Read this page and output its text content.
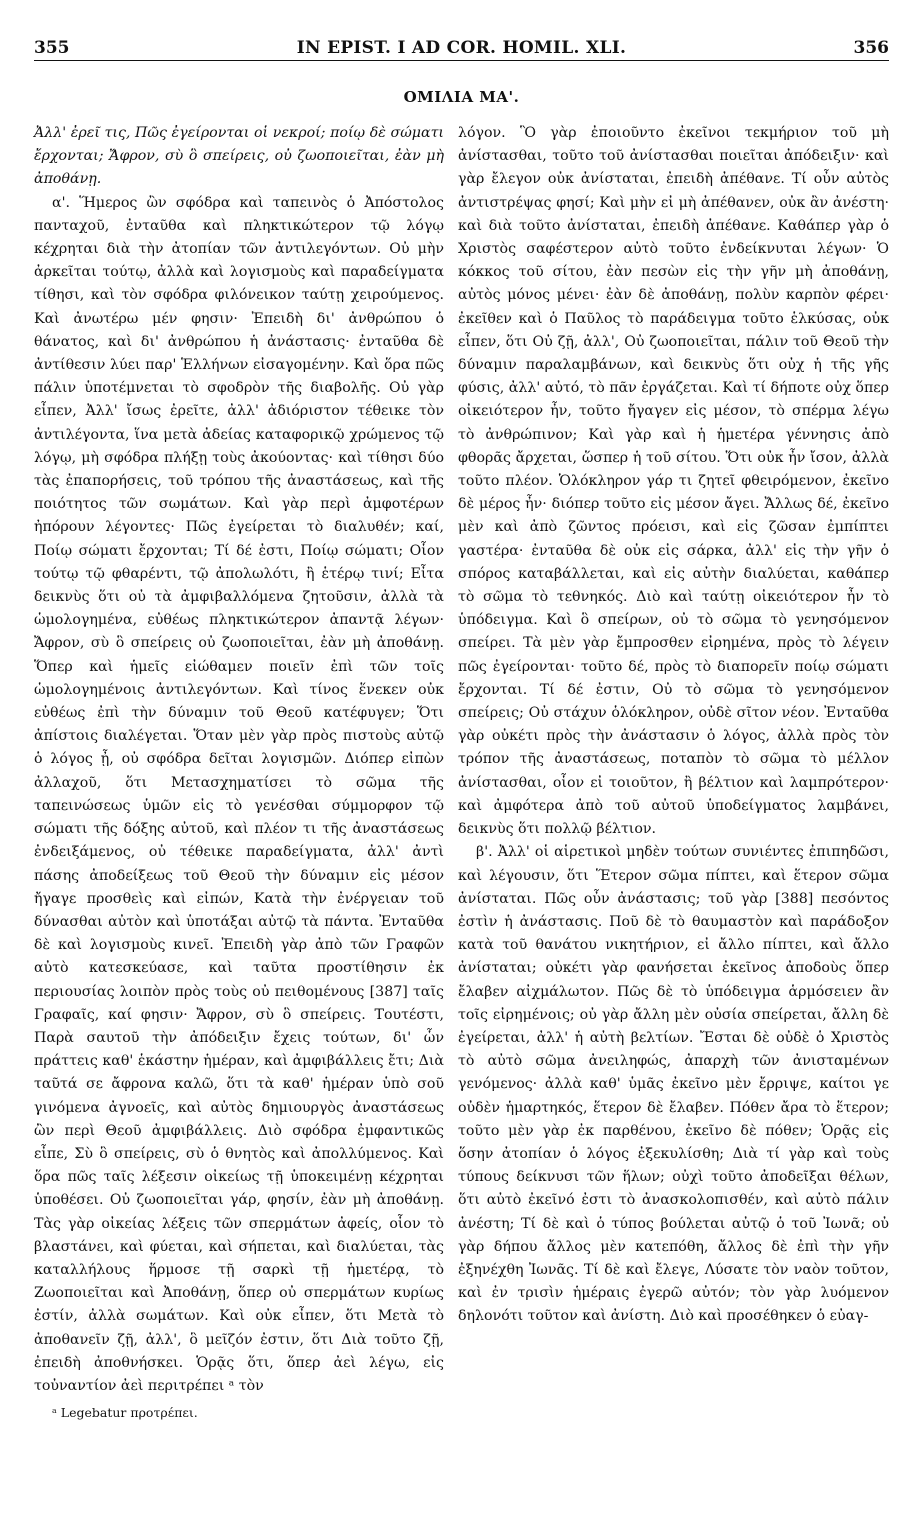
355	IN EPIST. I AD COR. HOMIL. XLI.	356
ΟΜΙΛΙΑ ΜΑ'.

Ἀλλ' ἐρεῖ τις, Πῶς ἐγείρονται οἱ νεκροί; ποίῳ δὲ σώματι ἔρχονται; Ἄφρον, σὺ ὃ σπείρεις, οὐ ζωοποιεῖται, ἐὰν μὴ ἀποθάνῃ.

α'. Ἥμερος ὢν σφόδρα καὶ ταπεινὸς ὁ Ἀπόστολος πανταχοῦ, ἐνταῦθα καὶ πληκτικώτερον τῷ λόγῳ κέχρηται διὰ τὴν ἀτοπίαν τῶν ἀντιλεγόντων. Οὐ μὴν ἀρκεῖται τούτῳ, ἀλλὰ καὶ λογισμοὺς καὶ παραδείγματα τίθησι, καὶ τὸν σφόδρα φιλόνεικον ταύτῃ χειρούμενος. Καὶ ἀνωτέρω μέν φησιν· Ἐπειδὴ δι' ἀνθρώπου ὁ θάνατος, καὶ δι' ἀνθρώπου ἡ ἀνάστασις· ἐνταῦθα δὲ ἀντίθεσιν λύει παρ' Ἑλλήνων εἰσαγομένην. Καὶ ὅρα πῶς πάλιν ὑποτέμνεται τὸ σφοδρὸν τῆς διαβολῆς. Οὐ γὰρ εἶπεν, Ἀλλ' ἴσως ἐρεῖτε, ἀλλ' ἀδιόριστον τέθεικε τὸν ἀντιλέγοντα, ἵνα μετὰ ἀδείας καταφορικῷ χρώμενος τῷ λόγῳ, μὴ σφόδρα πλήξῃ τοὺς ἀκούοντας· καὶ τίθησι δύο τὰς ἐπαπορήσεις, τοῦ τρόπου τῆς ἀναστάσεως, καὶ τῆς ποιότητος τῶν σωμάτων. Καὶ γὰρ περὶ ἀμφοτέρων ἠπόρουν λέγοντες· Πῶς ἐγείρεται τὸ διαλυθέν; καί, Ποίῳ σώματι ἔρχονται; Τί δέ ἐστι, Ποίῳ σώματι; Οἷον τούτῳ τῷ φθαρέντι, τῷ ἀπολωλότι, ἢ ἑτέρῳ τινί; Εἶτα δεικνὺς ὅτι οὐ τὰ ἀμφιβαλλόμενα ζητοῦσιν, ἀλλὰ τὰ ὡμολογημένα, εὐθέως πληκτικώτερον ἀπαντᾷ λέγων· Ἄφρον, σὺ ὃ σπείρεις οὐ ζωοποιεῖται, ἐὰν μὴ ἀποθάνῃ. Ὅπερ καὶ ἡμεῖς εἰώθαμεν ποιεῖν ἐπὶ τῶν τοῖς ὡμολογημένοις ἀντιλεγόντων. Καὶ τίνος ἕνεκεν οὐκ εὐθέως ἐπὶ τὴν δύναμιν τοῦ Θεοῦ κατέφυγεν; Ὅτι ἀπίστοις διαλέγεται. Ὅταν μὲν γὰρ πρὸς πιστοὺς αὐτῷ ὁ λόγος ᾖ, οὐ σφόδρα δεῖται λογισμῶν. Διόπερ εἰπὼν ἀλλαχοῦ, ὅτι Μετασχηματίσει τὸ σῶμα τῆς ταπεινώσεως ὑμῶν εἰς τὸ γενέσθαι σύμμορφον τῷ σώματι τῆς δόξης αὐτοῦ, καὶ πλέον τι τῆς ἀναστάσεως ἐνδειξάμενος, οὐ τέθεικε παραδείγματα, ἀλλ' ἀντὶ πάσης ἀποδείξεως τοῦ Θεοῦ τὴν δύναμιν εἰς μέσον ἤγαγε προσθεὶς καὶ εἰπών, Κατὰ τὴν ἐνέργειαν τοῦ δύνασθαι αὐτὸν καὶ ὑποτάξαι αὐτῷ τὰ πάντα. Ἐνταῦθα δὲ καὶ λογισμοὺς κινεῖ. Ἐπειδὴ γὰρ ἀπὸ τῶν Γραφῶν αὐτὸ κατεσκεύασε, καὶ ταῦτα προστίθησιν ἐκ περιουσίας λοιπὸν πρὸς τοὺς οὐ πειθομένους [387] ταῖς Γραφαῖς, καί φησιν· Ἄφρον, σὺ ὃ σπείρεις. Τουτέστι, Παρὰ σαυτοῦ τὴν ἀπόδειξιν ἔχεις τούτων, δι' ὧν πράττεις καθ' ἑκάστην ἡμέραν, καὶ ἀμφιβάλλεις ἔτι; Διὰ ταῦτά σε ἄφρονα καλῶ, ὅτι τὰ καθ' ἡμέραν ὑπὸ σοῦ γινόμενα ἀγνοεῖς, καὶ αὐτὸς δημιουργὸς ἀναστάσεως ὢν περὶ Θεοῦ ἀμφιβάλλεις. Διὸ σφόδρα ἐμφαντικῶς εἶπε, Σὺ ὃ σπείρεις, σὺ ὁ θνητὸς καὶ ἀπολλύμενος. Καὶ ὅρα πῶς ταῖς λέξεσιν οἰκείως τῇ ὑποκειμένῃ κέχρηται ὑποθέσει. Οὐ ζωοποιεῖται γάρ, φησίν, ἐὰν μὴ ἀποθάνῃ. Τὰς γὰρ οἰκείας λέξεις τῶν σπερμάτων ἀφείς, οἷον τὸ βλαστάνει, καὶ φύεται, καὶ σήπεται, καὶ διαλύεται, τὰς καταλλήλους ἥρμοσε τῇ σαρκὶ τῇ ἡμετέρᾳ, τὸ Ζωοποιεῖται καὶ Ἀποθάνῃ, ὅπερ οὐ σπερμάτων κυρίως ἐστίν, ἀλλὰ σωμάτων. Καὶ οὐκ εἶπεν, ὅτι Μετὰ τὸ ἀποθανεῖν ζῇ, ἀλλ', ὃ μεῖζόν ἐστιν, ὅτι Διὰ τοῦτο ζῇ, ἐπειδὴ ἀποθνήσκει. Ὁρᾷς ὅτι, ὅπερ ἀεὶ λέγω, εἰς τοὐναντίον ἀεὶ περιτρέπει ᵃ τὸν

ᵃ Legebatur προτρέπει.

λόγον. Ὃ γὰρ ἐποιοῦντο ἐκεῖνοι τεκμήριον τοῦ μὴ ἀνίστασθαι, τοῦτο τοῦ ἀνίστασθαι ποιεῖται ἀπόδειξιν· καὶ γὰρ ἔλεγον οὐκ ἀνίσταται, ἐπειδὴ ἀπέθανε. Τί οὖν αὐτὸς ἀντιστρέψας φησί; Καὶ μὴν εἰ μὴ ἀπέθανεν, οὐκ ἂν ἀνέστη· καὶ διὰ τοῦτο ἀνίσταται, ἐπειδὴ ἀπέθανε. Καθάπερ γὰρ ὁ Χριστὸς σαφέστερον αὐτὸ τοῦτο ἐνδείκνυται λέγων· Ὁ κόκκος τοῦ σίτου, ἐὰν πεσὼν εἰς τὴν γῆν μὴ ἀποθάνῃ, αὐτὸς μόνος μένει· ἐὰν δὲ ἀποθάνῃ, πολὺν καρπὸν φέρει· ἐκεῖθεν καὶ ὁ Παῦλος τὸ παράδειγμα τοῦτο ἑλκύσας, οὐκ εἶπεν, ὅτι Οὐ ζῇ, ἀλλ', Οὐ ζωοποιεῖται, πάλιν τοῦ Θεοῦ τὴν δύναμιν παραλαμβάνων, καὶ δεικνὺς ὅτι οὐχ ἡ τῆς γῆς φύσις, ἀλλ' αὐτό, τὸ πᾶν ἐργάζεται. Καὶ τί δήποτε οὐχ ὅπερ οἰκειότερον ἦν, τοῦτο ἤγαγεν εἰς μέσον, τὸ σπέρμα λέγω τὸ ἀνθρώπινον; Καὶ γὰρ καὶ ἡ ἡμετέρα γέννησις ἀπὸ φθορᾶς ἄρχεται, ὥσπερ ἡ τοῦ σίτου. Ὅτι οὐκ ἦν ἴσον, ἀλλὰ τοῦτο πλέον. Ὁλόκληρον γάρ τι ζητεῖ φθειρόμενον, ἐκεῖνο δὲ μέρος ἦν· διόπερ τοῦτο εἰς μέσον ἄγει. Ἄλλως δέ, ἐκεῖνο μὲν καὶ ἀπὸ ζῶντος πρόεισι, καὶ εἰς ζῶσαν ἐμπίπτει γαστέρα· ἐνταῦθα δὲ οὐκ εἰς σάρκα, ἀλλ' εἰς τὴν γῆν ὁ σπόρος καταβάλλεται, καὶ εἰς αὐτὴν διαλύεται, καθάπερ τὸ σῶμα τὸ τεθνηκός. Διὸ καὶ ταύτῃ οἰκειότερον ἦν τὸ ὑπόδειγμα. Καὶ ὃ σπείρων, οὐ τὸ σῶμα τὸ γενησόμενον σπείρει. Τὰ μὲν γὰρ ἔμπροσθεν εἰρημένα, πρὸς τὸ λέγειν πῶς ἐγείρονται· τοῦτο δέ, πρὸς τὸ διαπορεῖν ποίῳ σώματι ἔρχονται. Τί δέ ἐστιν, Οὐ τὸ σῶμα τὸ γενησόμενον σπείρεις; Οὐ στάχυν ὁλόκληρον, οὐδὲ σῖτον νέον. Ἐνταῦθα γὰρ οὐκέτι πρὸς τὴν ἀνάστασιν ὁ λόγος, ἀλλὰ πρὸς τὸν τρόπον τῆς ἀναστάσεως, ποταπὸν τὸ σῶμα τὸ μέλλον ἀνίστασθαι, οἷον εἰ τοιοῦτον, ἢ βέλτιον καὶ λαμπρότερον· καὶ ἀμφότερα ἀπὸ τοῦ αὐτοῦ ὑποδείγματος λαμβάνει, δεικνὺς ὅτι πολλῷ βέλτιον.

β'. Ἀλλ' οἱ αἱρετικοὶ μηδὲν τούτων συνιέντες ἐπιπηδῶσι, καὶ λέγουσιν, ὅτι Ἕτερον σῶμα πίπτει, καὶ ἕτερον σῶμα ἀνίσταται. Πῶς οὖν ἀνάστασις; τοῦ γὰρ [388] πεσόντος ἐστὶν ἡ ἀνάστασις. Ποῦ δὲ τὸ θαυμαστὸν καὶ παράδοξον κατὰ τοῦ θανάτου νικητήριον, εἰ ἄλλο πίπτει, καὶ ἄλλο ἀνίσταται; οὐκέτι γὰρ φανήσεται ἐκεῖνος ἀποδοὺς ὅπερ ἔλαβεν αἰχμάλωτον. Πῶς δὲ τὸ ὑπόδειγμα ἁρμόσειεν ἂν τοῖς εἰρημένοις; οὐ γὰρ ἄλλη μὲν οὐσία σπείρεται, ἄλλη δὲ ἐγείρεται, ἀλλ' ἡ αὐτὴ βελτίων. Ἔσται δὲ οὐδὲ ὁ Χριστὸς τὸ αὐτὸ σῶμα ἀνειληφώς, ἀπαρχὴ τῶν ἀνισταμένων γενόμενος· ἀλλὰ καθ' ὑμᾶς ἐκεῖνο μὲν ἔρριψε, καίτοι γε οὐδὲν ἡμαρτηκός, ἕτερον δὲ ἔλαβεν. Πόθεν ἄρα τὸ ἕτερον; τοῦτο μὲν γὰρ ἐκ παρθένου, ἐκεῖνο δὲ πόθεν; Ὁρᾷς εἰς ὅσην ἀτοπίαν ὁ λόγος ἐξεκυλίσθη; Διὰ τί γὰρ καὶ τοὺς τύπους δείκνυσι τῶν ἥλων; οὐχὶ τοῦτο ἀποδεῖξαι θέλων, ὅτι αὐτὸ ἐκεῖνό ἐστι τὸ ἀνασκολοπισθέν, καὶ αὐτὸ πάλιν ἀνέστη; Τί δὲ καὶ ὁ τύπος βούλεται αὐτῷ ὁ τοῦ Ἰωνᾶ; οὐ γὰρ δήπου ἄλλος μὲν κατεπόθη, ἄλλος δὲ ἐπὶ τὴν γῆν ἐξηνέχθη Ἰωνᾶς. Τί δὲ καὶ ἔλεγε, Λύσατε τὸν ναὸν τοῦτον, καὶ ἐν τρισὶν ἡμέραις ἐγερῶ αὐτόν; τὸν γὰρ λυόμενον δηλονότι τοῦτον καὶ ἀνίστη. Διὸ καὶ προσέθηκεν ὁ εὐαγ-
